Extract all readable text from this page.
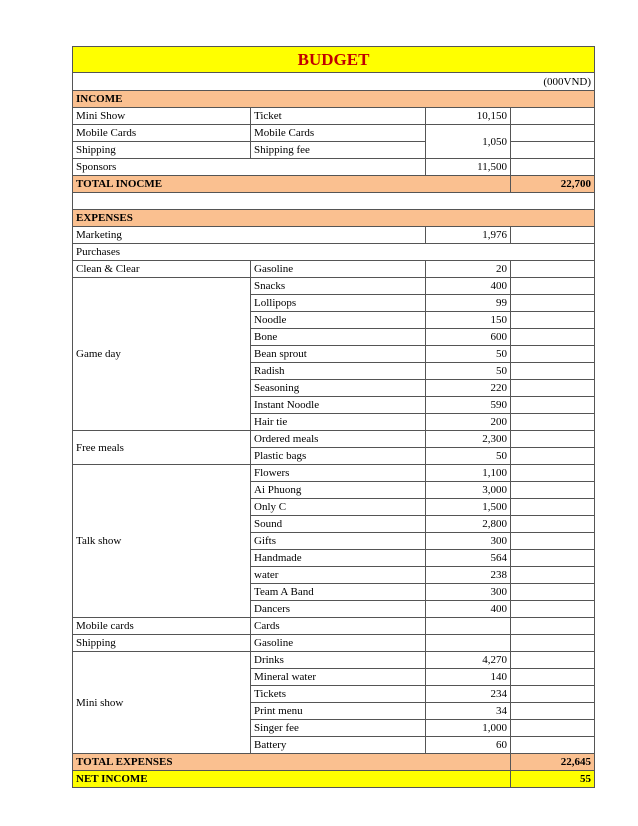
BUDGET			
(000VND)			
INCOME			
Mini Show	Ticket	10,150	
Mobile Cards	Mobile Cards	1,050	
Shipping	Shipping fee		
Sponsors		11,500	
TOTAL INOCME			22,700

EXPENSES			
Marketing		1,976	
Purchases			
Clean & Clear	Gasoline	20	
Game day	Snacks	400	
	Lollipops	99	
	Noodle	150	
	Bone	600	
	Bean sprout	50	
	Radish	50	
	Seasoning	220	
	Instant Noodle	590	
	Hair tie	200	
Free meals	Ordered meals	2,300	
	Plastic bags	50	
Talk show	Flowers	1,100	
	Ai Phuong	3,000	
	Only C	1,500	
	Sound	2,800	
	Gifts	300	
	Handmade	564	
	water	238	
	Team A Band	300	
	Dancers	400	
Mobile cards	Cards		
Shipping	Gasoline		
Mini show	Drinks	4,270	
	Mineral water	140	
	Tickets	234	
	Print menu	34	
	Singer fee	1,000	
	Battery	60	
TOTAL EXPENSES			22,645
NET INCOME			55
